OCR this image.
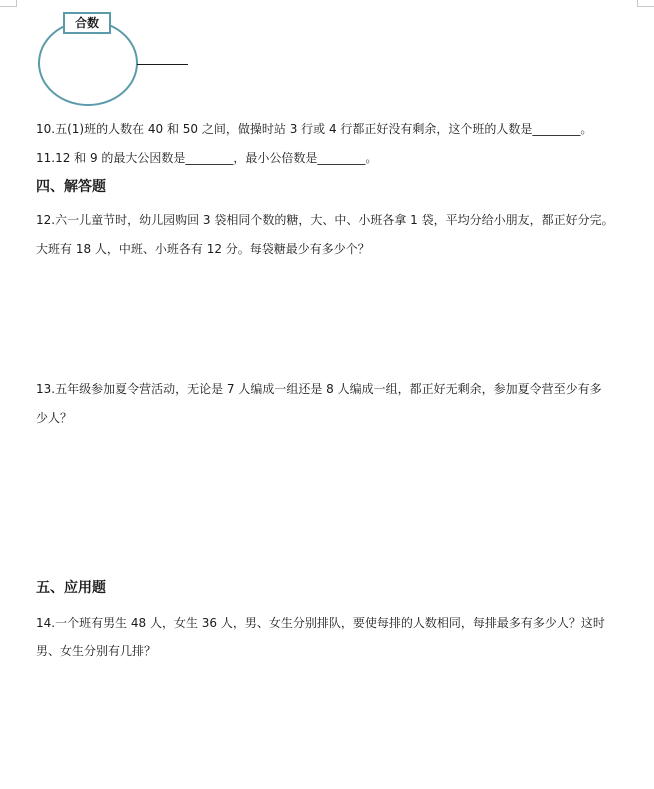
合数
10.五(1)班的人数在 40 和 50 之间，做操时站 3 行或 4 行都正好没有剩余，这个班的人数是________。
11.12 和 9 的最大公因数是________，最小公倍数是________。
四、解答题
12.六一儿童节时，幼儿园购回 3 袋相同个数的糖，大、中、小班各拿 1 袋，平均分给小朋友，都正好分完。
大班有 18 人，中班、小班各有 12 分。每袋糖最少有多少个？
13.五年级参加夏令营活动，无论是 7 人编成一组还是 8 人编成一组，都正好无剩余，参加夏令营至少有多
少人？
五、应用题
14.一个班有男生 48 人，女生 36 人，男、女生分别排队，要使每排的人数相同，每排最多有多少人？这时
男、女生分别有几排？
